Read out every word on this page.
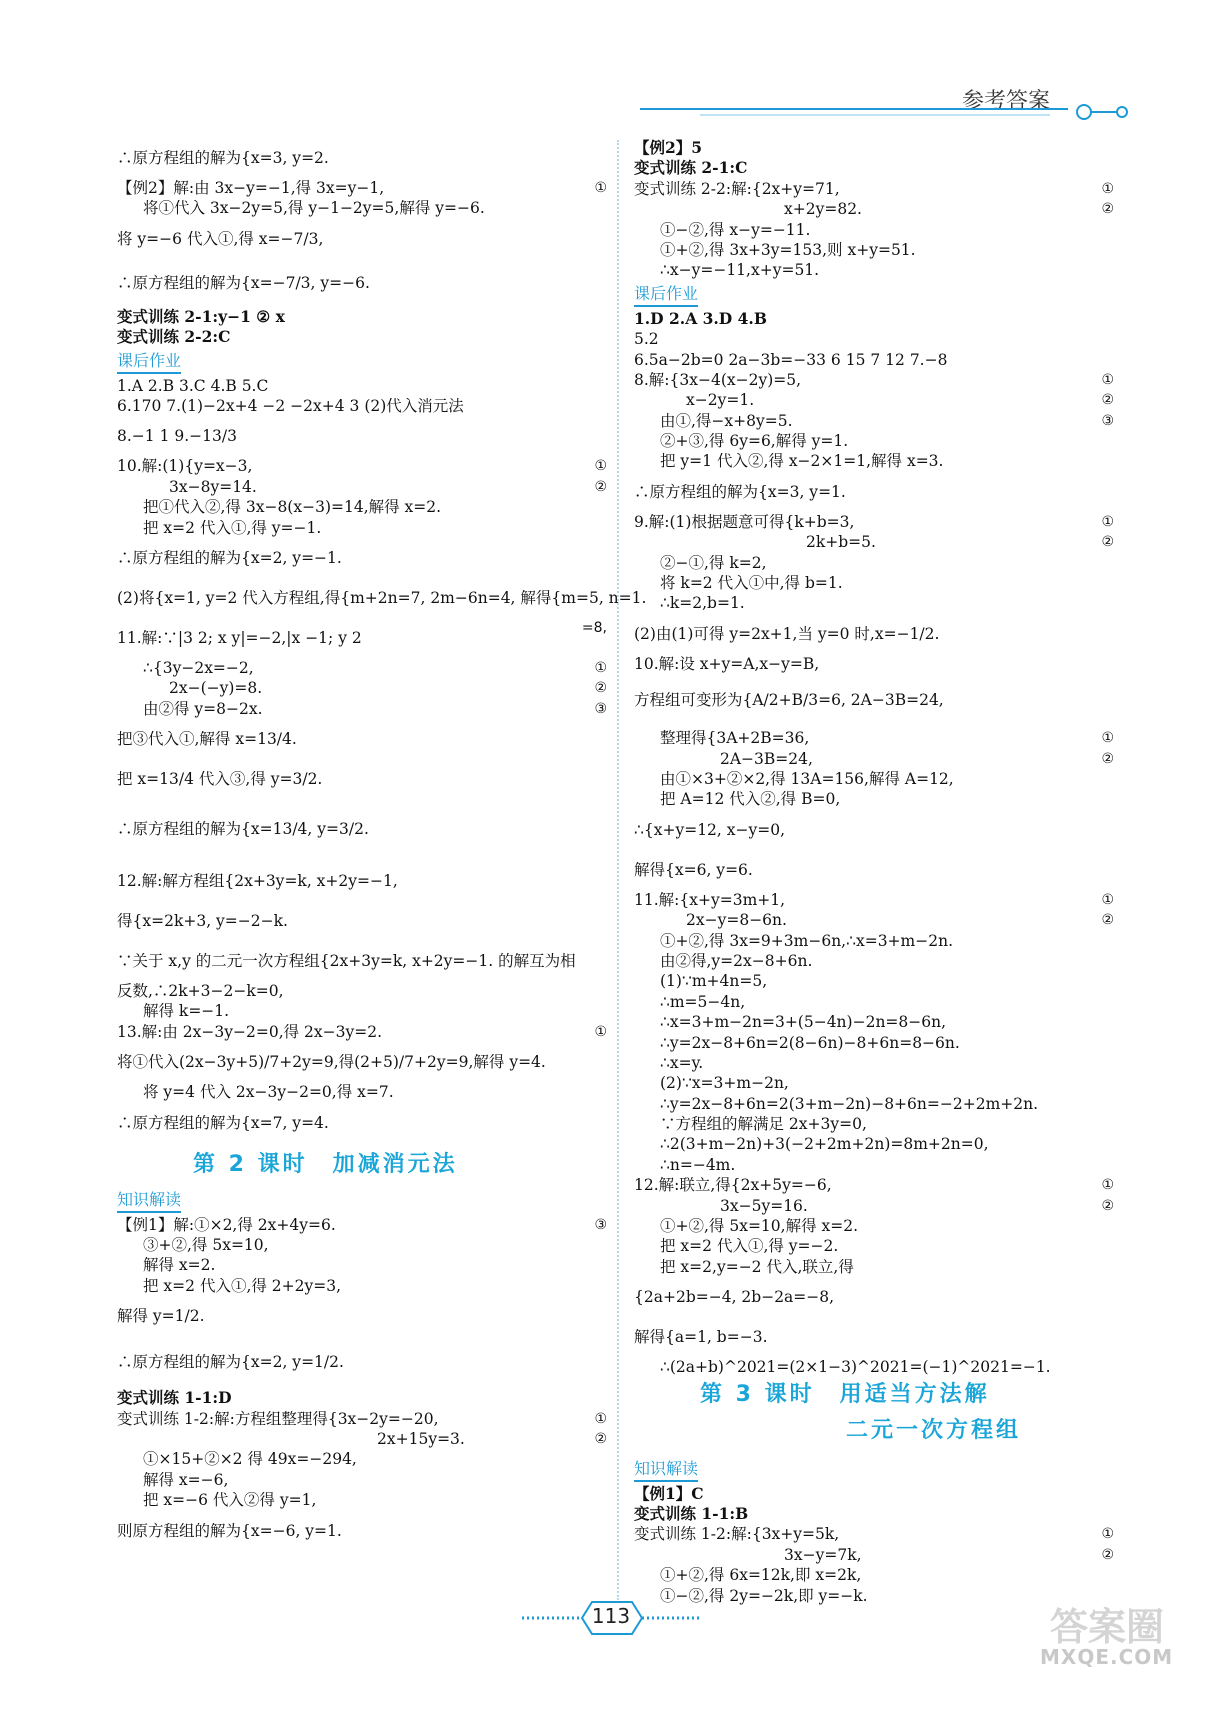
参考答案
∴原方程组的解为{x=3, y=2.
【例2】解:由 3x−y=−1,得 3x=y−1,	①
将①代入 3x−2y=5,得 y−1−2y=5,解得 y=−6.
将 y=−6 代入①,得 x=−7/3,
∴原方程组的解为{x=−7/3, y=−6.
变式训练 2-1:y−1 ② x
变式训练 2-2:C
课后作业
1.A 2.B 3.C 4.B 5.C
6.170 7.(1)−2x+4 −2 −2x+4 3 (2)代入消元法
8.−1 1 9.−13/3
10.解:(1){y=x−3,	①
3x−8y=14.	②
把①代入②,得 3x−8(x−3)=14,解得 x=2.
把 x=2 代入①,得 y=−1.
∴原方程组的解为{x=2, y=−1.
(2)将{x=1, y=2 代入方程组,得{m+2n=7, 2m−6n=4, 解得{m=5, n=1.
11.解:∵|3 2; x y|=−2,|x −1; y 2
=8,
∴{3y−2x=−2,	①
2x−(−y)=8.	②
由②得 y=8−2x.	③
把③代入①,解得 x=13/4.
把 x=13/4 代入③,得 y=3/2.
∴原方程组的解为{x=13/4, y=3/2.
12.解:解方程组{2x+3y=k, x+2y=−1,
得{x=2k+3, y=−2−k.
∵关于 x,y 的二元一次方程组{2x+3y=k, x+2y=−1. 的解互为相
反数,∴2k+3−2−k=0,
解得 k=−1.
13.解:由 2x−3y−2=0,得 2x−3y=2.	①
将①代入(2x−3y+5)/7+2y=9,得(2+5)/7+2y=9,解得 y=4.
将 y=4 代入 2x−3y−2=0,得 x=7.
∴原方程组的解为{x=7, y=4.
第 2 课时　加减消元法
知识解读
【例1】解:①×2,得 2x+4y=6.	③
③+②,得 5x=10,
解得 x=2.
把 x=2 代入①,得 2+2y=3,
解得 y=1/2.
∴原方程组的解为{x=2, y=1/2.
变式训练 1-1:D
变式训练 1-2:解:方程组整理得{3x−2y=−20,	①
2x+15y=3.	②
①×15+②×2 得 49x=−294,
解得 x=−6,
把 x=−6 代入②得 y=1,
则原方程组的解为{x=−6, y=1.
【例2】5
变式训练 2-1:C
变式训练 2-2:解:{2x+y=71,	①
x+2y=82.	②
①−②,得 x−y=−11.
①+②,得 3x+3y=153,则 x+y=51.
∴x−y=−11,x+y=51.
课后作业
1.D 2.A 3.D 4.B
5.2
6.5a−2b=0 2a−3b=−33 6 15 7 12 7.−8
8.解:{3x−4(x−2y)=5,	①
x−2y=1.	②
由①,得−x+8y=5.	③
②+③,得 6y=6,解得 y=1.
把 y=1 代入②,得 x−2×1=1,解得 x=3.
∴原方程组的解为{x=3, y=1.
9.解:(1)根据题意可得{k+b=3,	①
2k+b=5.	②
②−①,得 k=2,
将 k=2 代入①中,得 b=1.
∴k=2,b=1.
(2)由(1)可得 y=2x+1,当 y=0 时,x=−1/2.
10.解:设 x+y=A,x−y=B,
方程组可变形为{A/2+B/3=6, 2A−3B=24,
整理得{3A+2B=36,	①
2A−3B=24,	②
由①×3+②×2,得 13A=156,解得 A=12,
把 A=12 代入②,得 B=0,
∴{x+y=12, x−y=0,
解得{x=6, y=6.
11.解:{x+y=3m+1,	①
2x−y=8−6n.	②
①+②,得 3x=9+3m−6n,∴x=3+m−2n.
由②得,y=2x−8+6n.
(1)∵m+4n=5,
∴m=5−4n,
∴x=3+m−2n=3+(5−4n)−2n=8−6n,
∴y=2x−8+6n=2(8−6n)−8+6n=8−6n.
∴x=y.
(2)∵x=3+m−2n,
∴y=2x−8+6n=2(3+m−2n)−8+6n=−2+2m+2n.
∵方程组的解满足 2x+3y=0,
∴2(3+m−2n)+3(−2+2m+2n)=8m+2n=0,
∴n=−4m.
12.解:联立,得{2x+5y=−6,	①
3x−5y=16.	②
①+②,得 5x=10,解得 x=2.
把 x=2 代入①,得 y=−2.
把 x=2,y=−2 代入,联立,得
{2a+2b=−4, 2b−2a=−8,
解得{a=1, b=−3.
∴(2a+b)^2021=(2×1−3)^2021=(−1)^2021=−1.
第 3 课时　用适当方法解
二元一次方程组
知识解读
【例1】C
变式训练 1-1:B
变式训练 1-2:解:{3x+y=5k,	①
3x−y=7k,	②
①+②,得 6x=12k,即 x=2k,
①−②,得 2y=−2k,即 y=−k.
113	答案圈
MXQE.COM
